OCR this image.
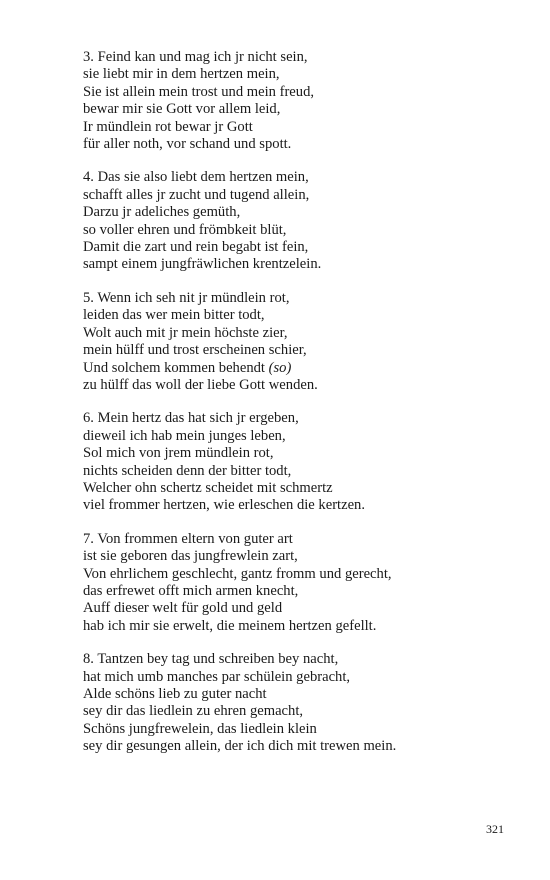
3. Feind kan und mag ich jr nicht sein,
sie liebt mir in dem hertzen mein,
Sie ist allein mein trost und mein freud,
bewar mir sie Gott vor allem leid,
Ir mündlein rot bewar jr Gott
für aller noth, vor schand und spott.
4. Das sie also liebt dem hertzen mein,
schafft alles jr zucht und tugend allein,
Darzu jr adeliches gemüth,
so voller ehren und frömbkeit blüt,
Damit die zart und rein begabt ist fein,
sampt einem jungfräwlichen krentzelein.
5. Wenn ich seh nit jr mündlein rot,
leiden das wer mein bitter todt,
Wolt auch mit jr mein höchste zier,
mein hülff und trost erscheinen schier,
Und solchem kommen behendt (so)
zu hülff das woll der liebe Gott wenden.
6. Mein hertz das hat sich jr ergeben,
dieweil ich hab mein junges leben,
Sol mich von jrem mündlein rot,
nichts scheiden denn der bitter todt,
Welcher ohn schertz scheidet mit schmertz
viel frommer hertzen, wie erleschen die kertzen.
7. Von frommen eltern von guter art
ist sie geboren das jungfrewlein zart,
Von ehrlichem geschlecht, gantz fromm und gerecht,
das erfrewet offt mich armen knecht,
Auff dieser welt für gold und geld
hab ich mir sie erwelt, die meinem hertzen gefellt.
8. Tantzen bey tag und schreiben bey nacht,
hat mich umb manches par schülein gebracht,
Alde schöns lieb zu guter nacht
sey dir das liedlein zu ehren gemacht,
Schöns jungfrewelein, das liedlein klein
sey dir gesungen allein, der ich dich mit trewen mein.
321
